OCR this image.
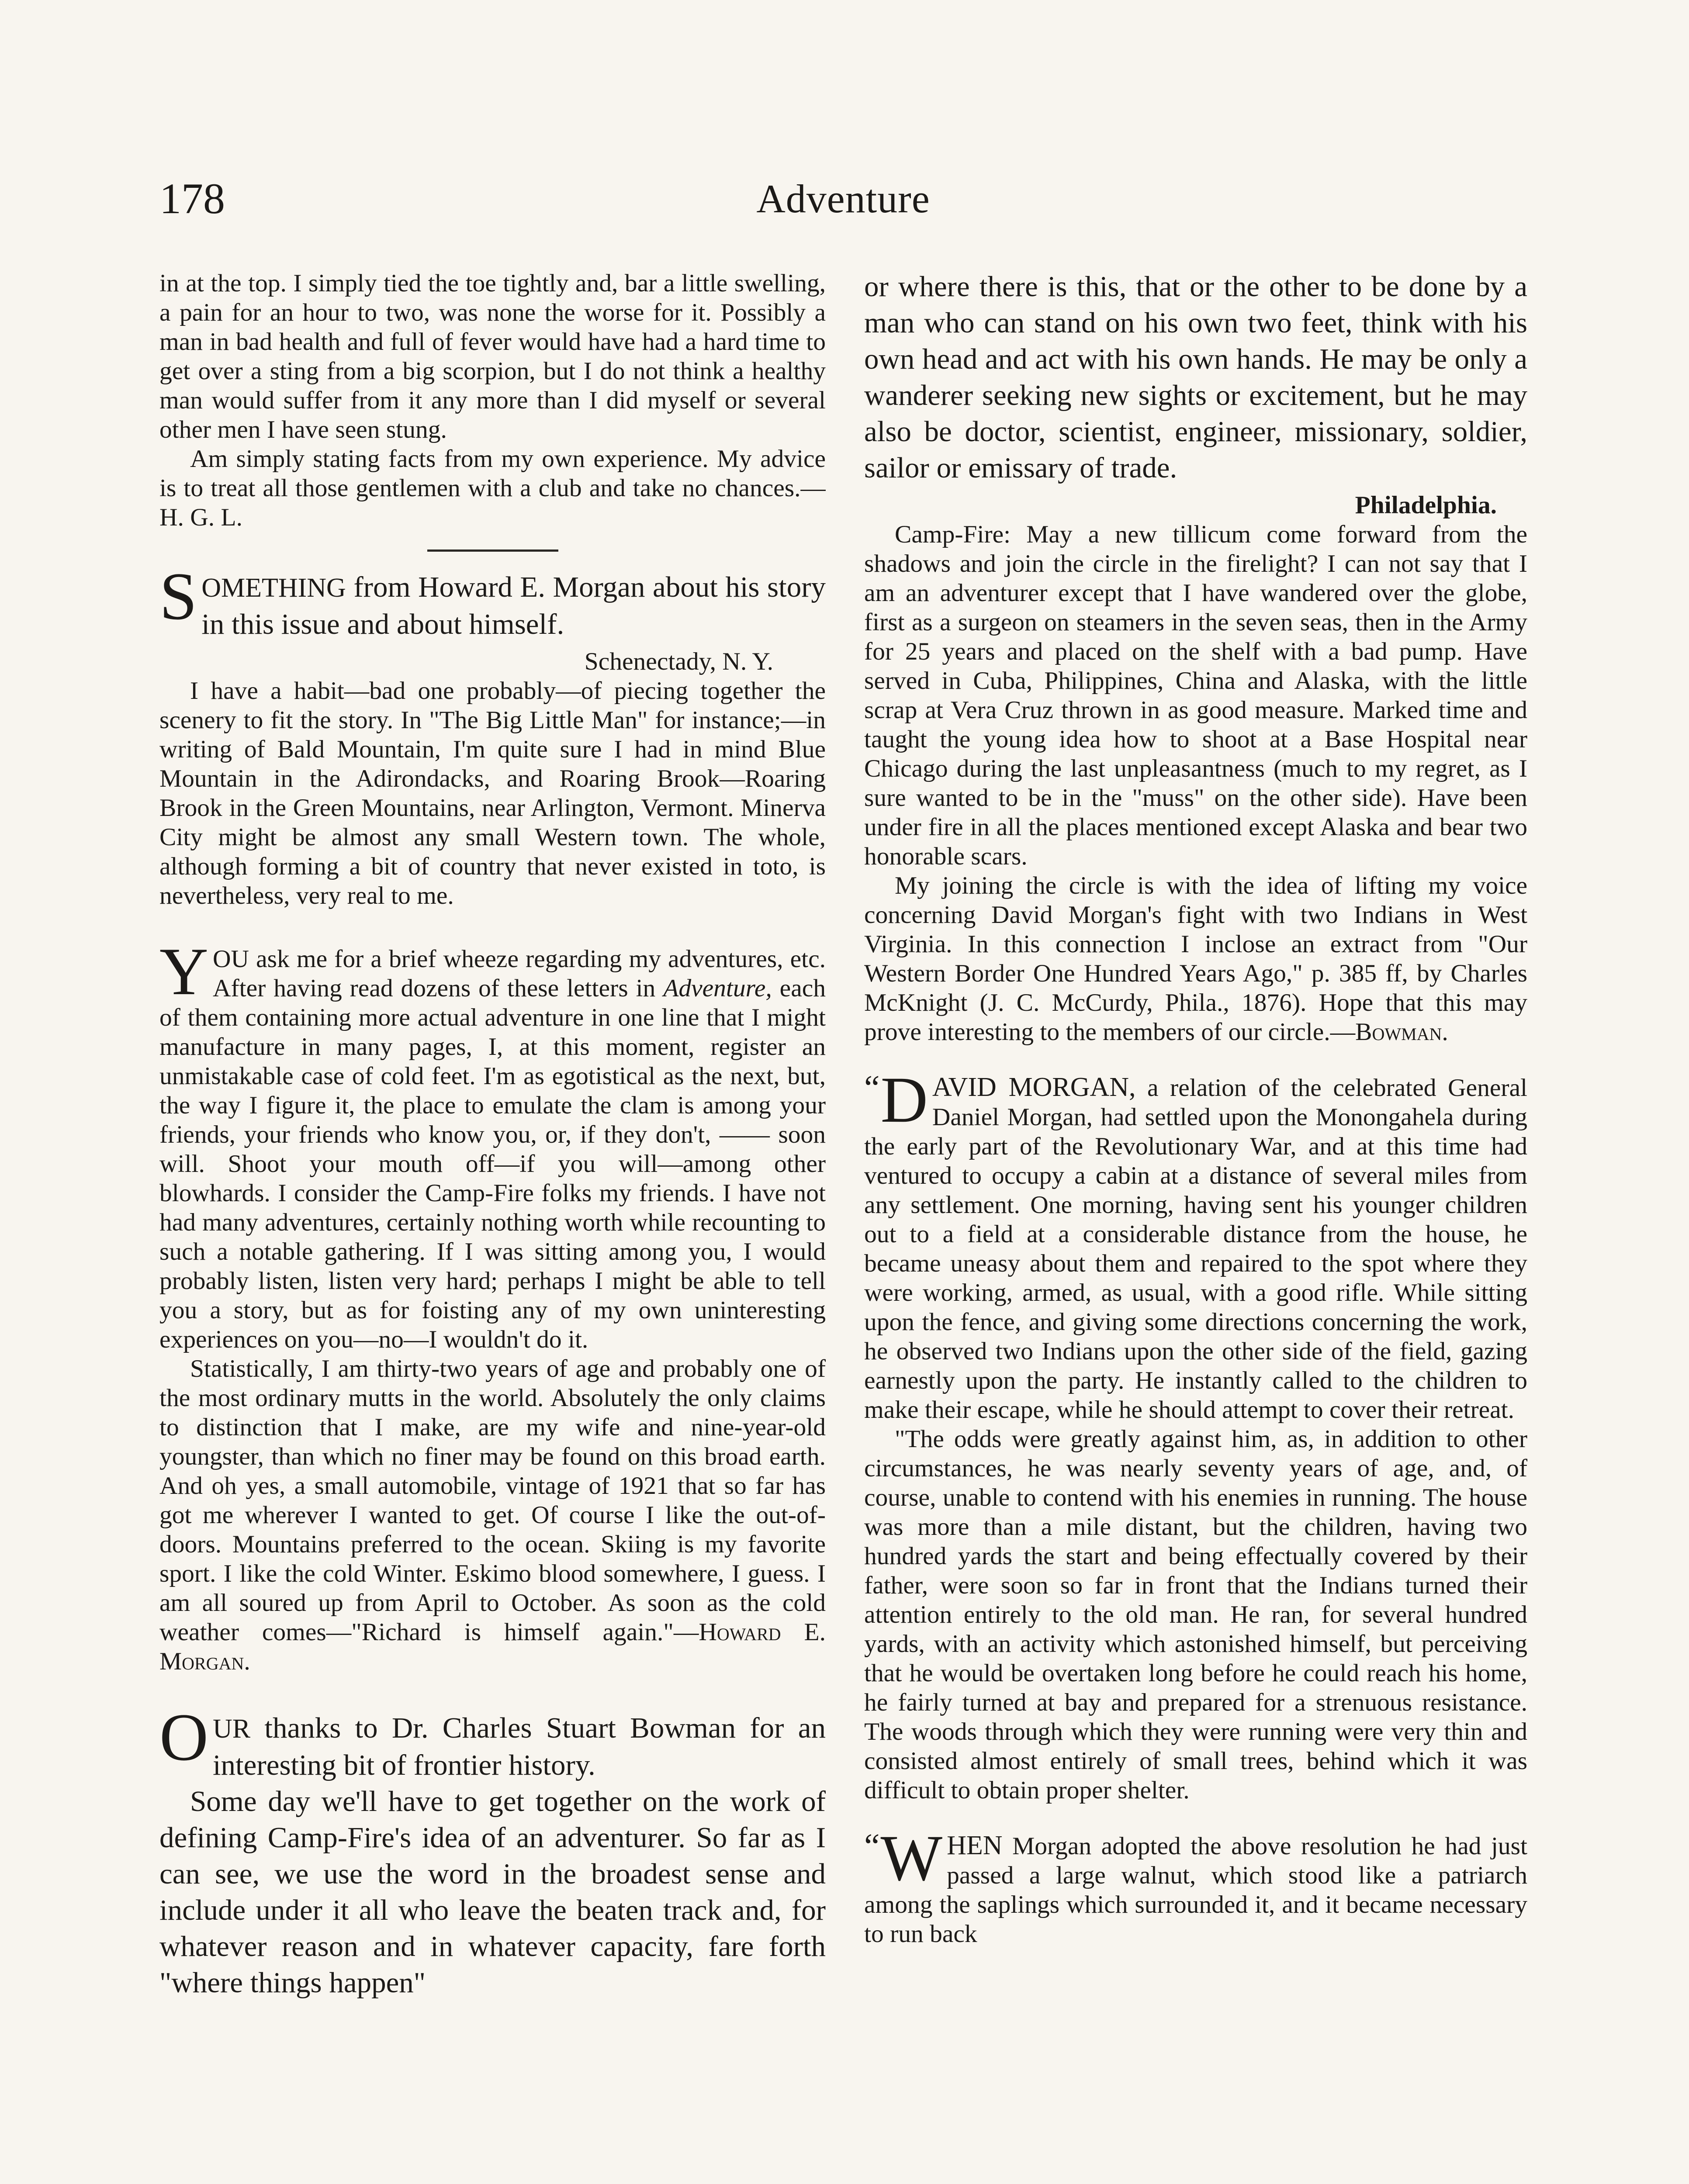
178	Adventure

in at the top. I simply tied the toe tightly and, bar a little swelling, a pain for an hour to two, was none the worse for it. Possibly a man in bad health and full of fever would have had a hard time to get over a sting from a big scorpion, but I do not think a healthy man would suffer from it any more than I did myself or several other men I have seen stung.

Am simply stating facts from my own experience. My advice is to treat all those gentlemen with a club and take no chances.—H. G. L.

SOMETHING from Howard E. Morgan about his story in this issue and about himself.

Schenectady, N. Y.

I have a habit—bad one probably—of piecing together the scenery to fit the story. In "The Big Little Man" for instance;—in writing of Bald Mountain, I'm quite sure I had in mind Blue Mountain in the Adirondacks, and Roaring Brook—Roaring Brook in the Green Mountains, near Arlington, Vermont. Minerva City might be almost any small Western town. The whole, although forming a bit of country that never existed in toto, is nevertheless, very real to me.

YOU ask me for a brief wheeze regarding my adventures, etc. After having read dozens of these letters in Adventure, each of them containing more actual adventure in one line that I might manufacture in many pages, I, at this moment, register an unmistakable case of cold feet. I'm as egotistical as the next, but, the way I figure it, the place to emulate the clam is among your friends, your friends who know you, or, if they don't, —— soon will. Shoot your mouth off—if you will—among other blowhards. I consider the Camp-Fire folks my friends. I have not had many adventures, certainly nothing worth while recounting to such a notable gathering. If I was sitting among you, I would probably listen, listen very hard; perhaps I might be able to tell you a story, but as for foisting any of my own uninteresting experiences on you—no—I wouldn't do it.

Statistically, I am thirty-two years of age and probably one of the most ordinary mutts in the world. Absolutely the only claims to distinction that I make, are my wife and nine-year-old youngster, than which no finer may be found on this broad earth. And oh yes, a small automobile, vintage of 1921 that so far has got me wherever I wanted to get. Of course I like the out-of-doors. Mountains preferred to the ocean. Skiing is my favorite sport. I like the cold Winter. Eskimo blood somewhere, I guess. I am all soured up from April to October. As soon as the cold weather comes—"Richard is himself again."—Howard E. Morgan.

OUR thanks to Dr. Charles Stuart Bowman for an interesting bit of frontier history.

Some day we'll have to get together on the work of defining Camp-Fire's idea of an adventurer. So far as I can see, we use the word in the broadest sense and include under it all who leave the beaten track and, for whatever reason and in whatever capacity, fare forth "where things happen"

or where there is this, that or the other to be done by a man who can stand on his own two feet, think with his own head and act with his own hands. He may be only a wanderer seeking new sights or excitement, but he may also be doctor, scientist, engineer, missionary, soldier, sailor or emissary of trade.

Philadelphia.

Camp-Fire: May a new tillicum come forward from the shadows and join the circle in the firelight? I can not say that I am an adventurer except that I have wandered over the globe, first as a surgeon on steamers in the seven seas, then in the Army for 25 years and placed on the shelf with a bad pump. Have served in Cuba, Philippines, China and Alaska, with the little scrap at Vera Cruz thrown in as good measure. Marked time and taught the young idea how to shoot at a Base Hospital near Chicago during the last unpleasantness (much to my regret, as I sure wanted to be in the "muss" on the other side). Have been under fire in all the places mentioned except Alaska and bear two honorable scars.

My joining the circle is with the idea of lifting my voice concerning David Morgan's fight with two Indians in West Virginia. In this connection I inclose an extract from "Our Western Border One Hundred Years Ago," p. 385 ff, by Charles McKnight (J. C. McCurdy, Phila., 1876). Hope that this may prove interesting to the members of our circle.—Bowman.

“ D AVID MORGAN, a relation of the celebrated General Daniel Morgan, had settled upon the Monongahela during the early part of the Revolutionary War, and at this time had ventured to occupy a cabin at a distance of several miles from any settlement. One morning, having sent his younger children out to a field at a considerable distance from the house, he became uneasy about them and repaired to the spot where they were working, armed, as usual, with a good rifle. While sitting upon the fence, and giving some directions concerning the work, he observed two Indians upon the other side of the field, gazing earnestly upon the party. He instantly called to the children to make their escape, while he should attempt to cover their retreat.

"The odds were greatly against him, as, in addition to other circumstances, he was nearly seventy years of age, and, of course, unable to contend with his enemies in running. The house was more than a mile distant, but the children, having two hundred yards the start and being effectually covered by their father, were soon so far in front that the Indians turned their attention entirely to the old man. He ran, for several hundred yards, with an activity which astonished himself, but perceiving that he would be overtaken long before he could reach his home, he fairly turned at bay and prepared for a strenuous resistance. The woods through which they were running were very thin and consisted almost entirely of small trees, behind which it was difficult to obtain proper shelter.

“ W HEN Morgan adopted the above resolution he had just passed a large walnut, which stood like a patriarch among the saplings which surrounded it, and it became necessary to run back
